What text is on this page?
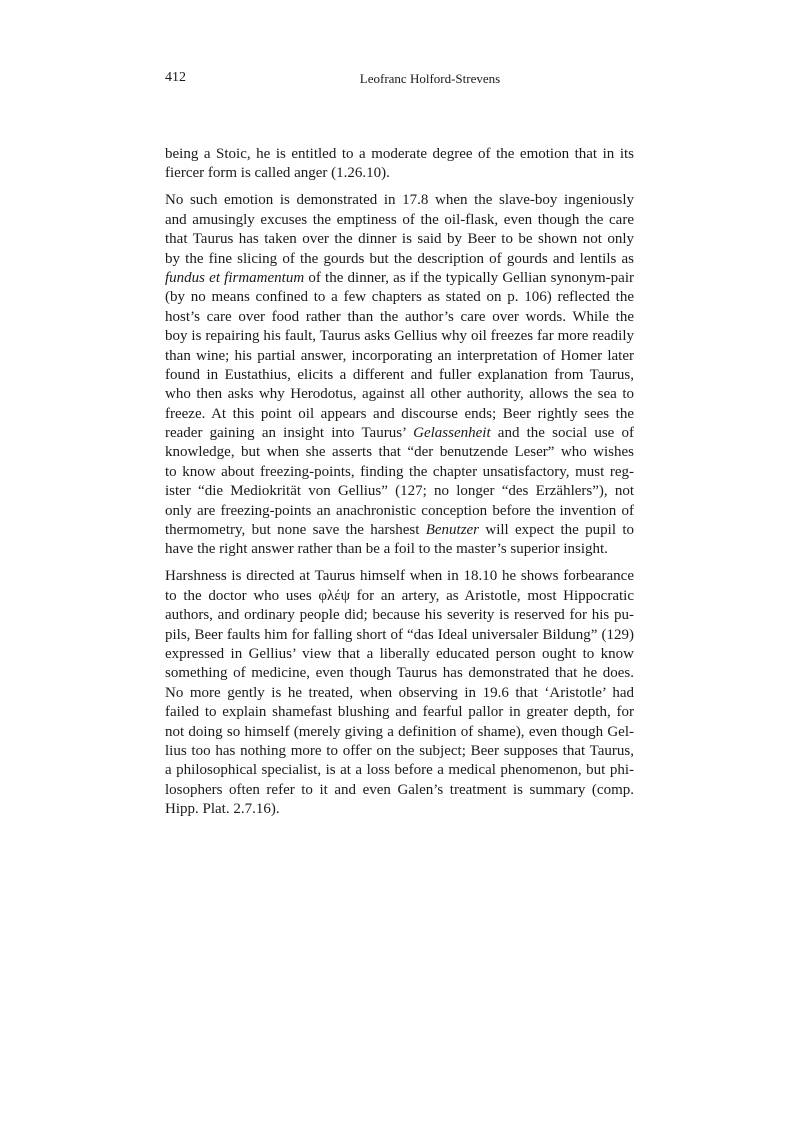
412	Leofranc Holford-Strevens
being a Stoic, he is entitled to a moderate degree of the emotion that in its
fiercer form is called anger (1.26.10).
No such emotion is demonstrated in 17.8 when the slave-boy ingeniously
and amusingly excuses the emptiness of the oil-flask, even though the care
that Taurus has taken over the dinner is said by Beer to be shown not only
by the fine slicing of the gourds but the description of gourds and lentils as
fundus et firmamentum of the dinner, as if the typically Gellian synonym-pair
(by no means confined to a few chapters as stated on p. 106) reflected the
host’s care over food rather than the author’s care over words. While the
boy is repairing his fault, Taurus asks Gellius why oil freezes far more readily
than wine; his partial answer, incorporating an interpretation of Homer later
found in Eustathius, elicits a different and fuller explanation from Taurus,
who then asks why Herodotus, against all other authority, allows the sea to
freeze. At this point oil appears and discourse ends; Beer rightly sees the
reader gaining an insight into Taurus’ Gelassenheit and the social use of
knowledge, but when she asserts that “der benutzende Leser” who wishes
to know about freezing-points, finding the chapter unsatisfactory, must reg-
ister “die Mediokrität von Gellius” (127; no longer “des Erzählers”), not
only are freezing-points an anachronistic conception before the invention of
thermometry, but none save the harshest Benutzer will expect the pupil to
have the right answer rather than be a foil to the master’s superior insight.
Harshness is directed at Taurus himself when in 18.10 he shows forbearance
to the doctor who uses φλέψ for an artery, as Aristotle, most Hippocratic
authors, and ordinary people did; because his severity is reserved for his pu-
pils, Beer faults him for falling short of “das Ideal universaler Bildung” (129)
expressed in Gellius’ view that a liberally educated person ought to know
something of medicine, even though Taurus has demonstrated that he does.
No more gently is he treated, when observing in 19.6 that ‘Aristotle’ had
failed to explain shamefast blushing and fearful pallor in greater depth, for
not doing so himself (merely giving a definition of shame), even though Gel-
lius too has nothing more to offer on the subject; Beer supposes that Taurus,
a philosophical specialist, is at a loss before a medical phenomenon, but phi-
losophers often refer to it and even Galen’s treatment is summary (comp.
Hipp. Plat. 2.7.16).
